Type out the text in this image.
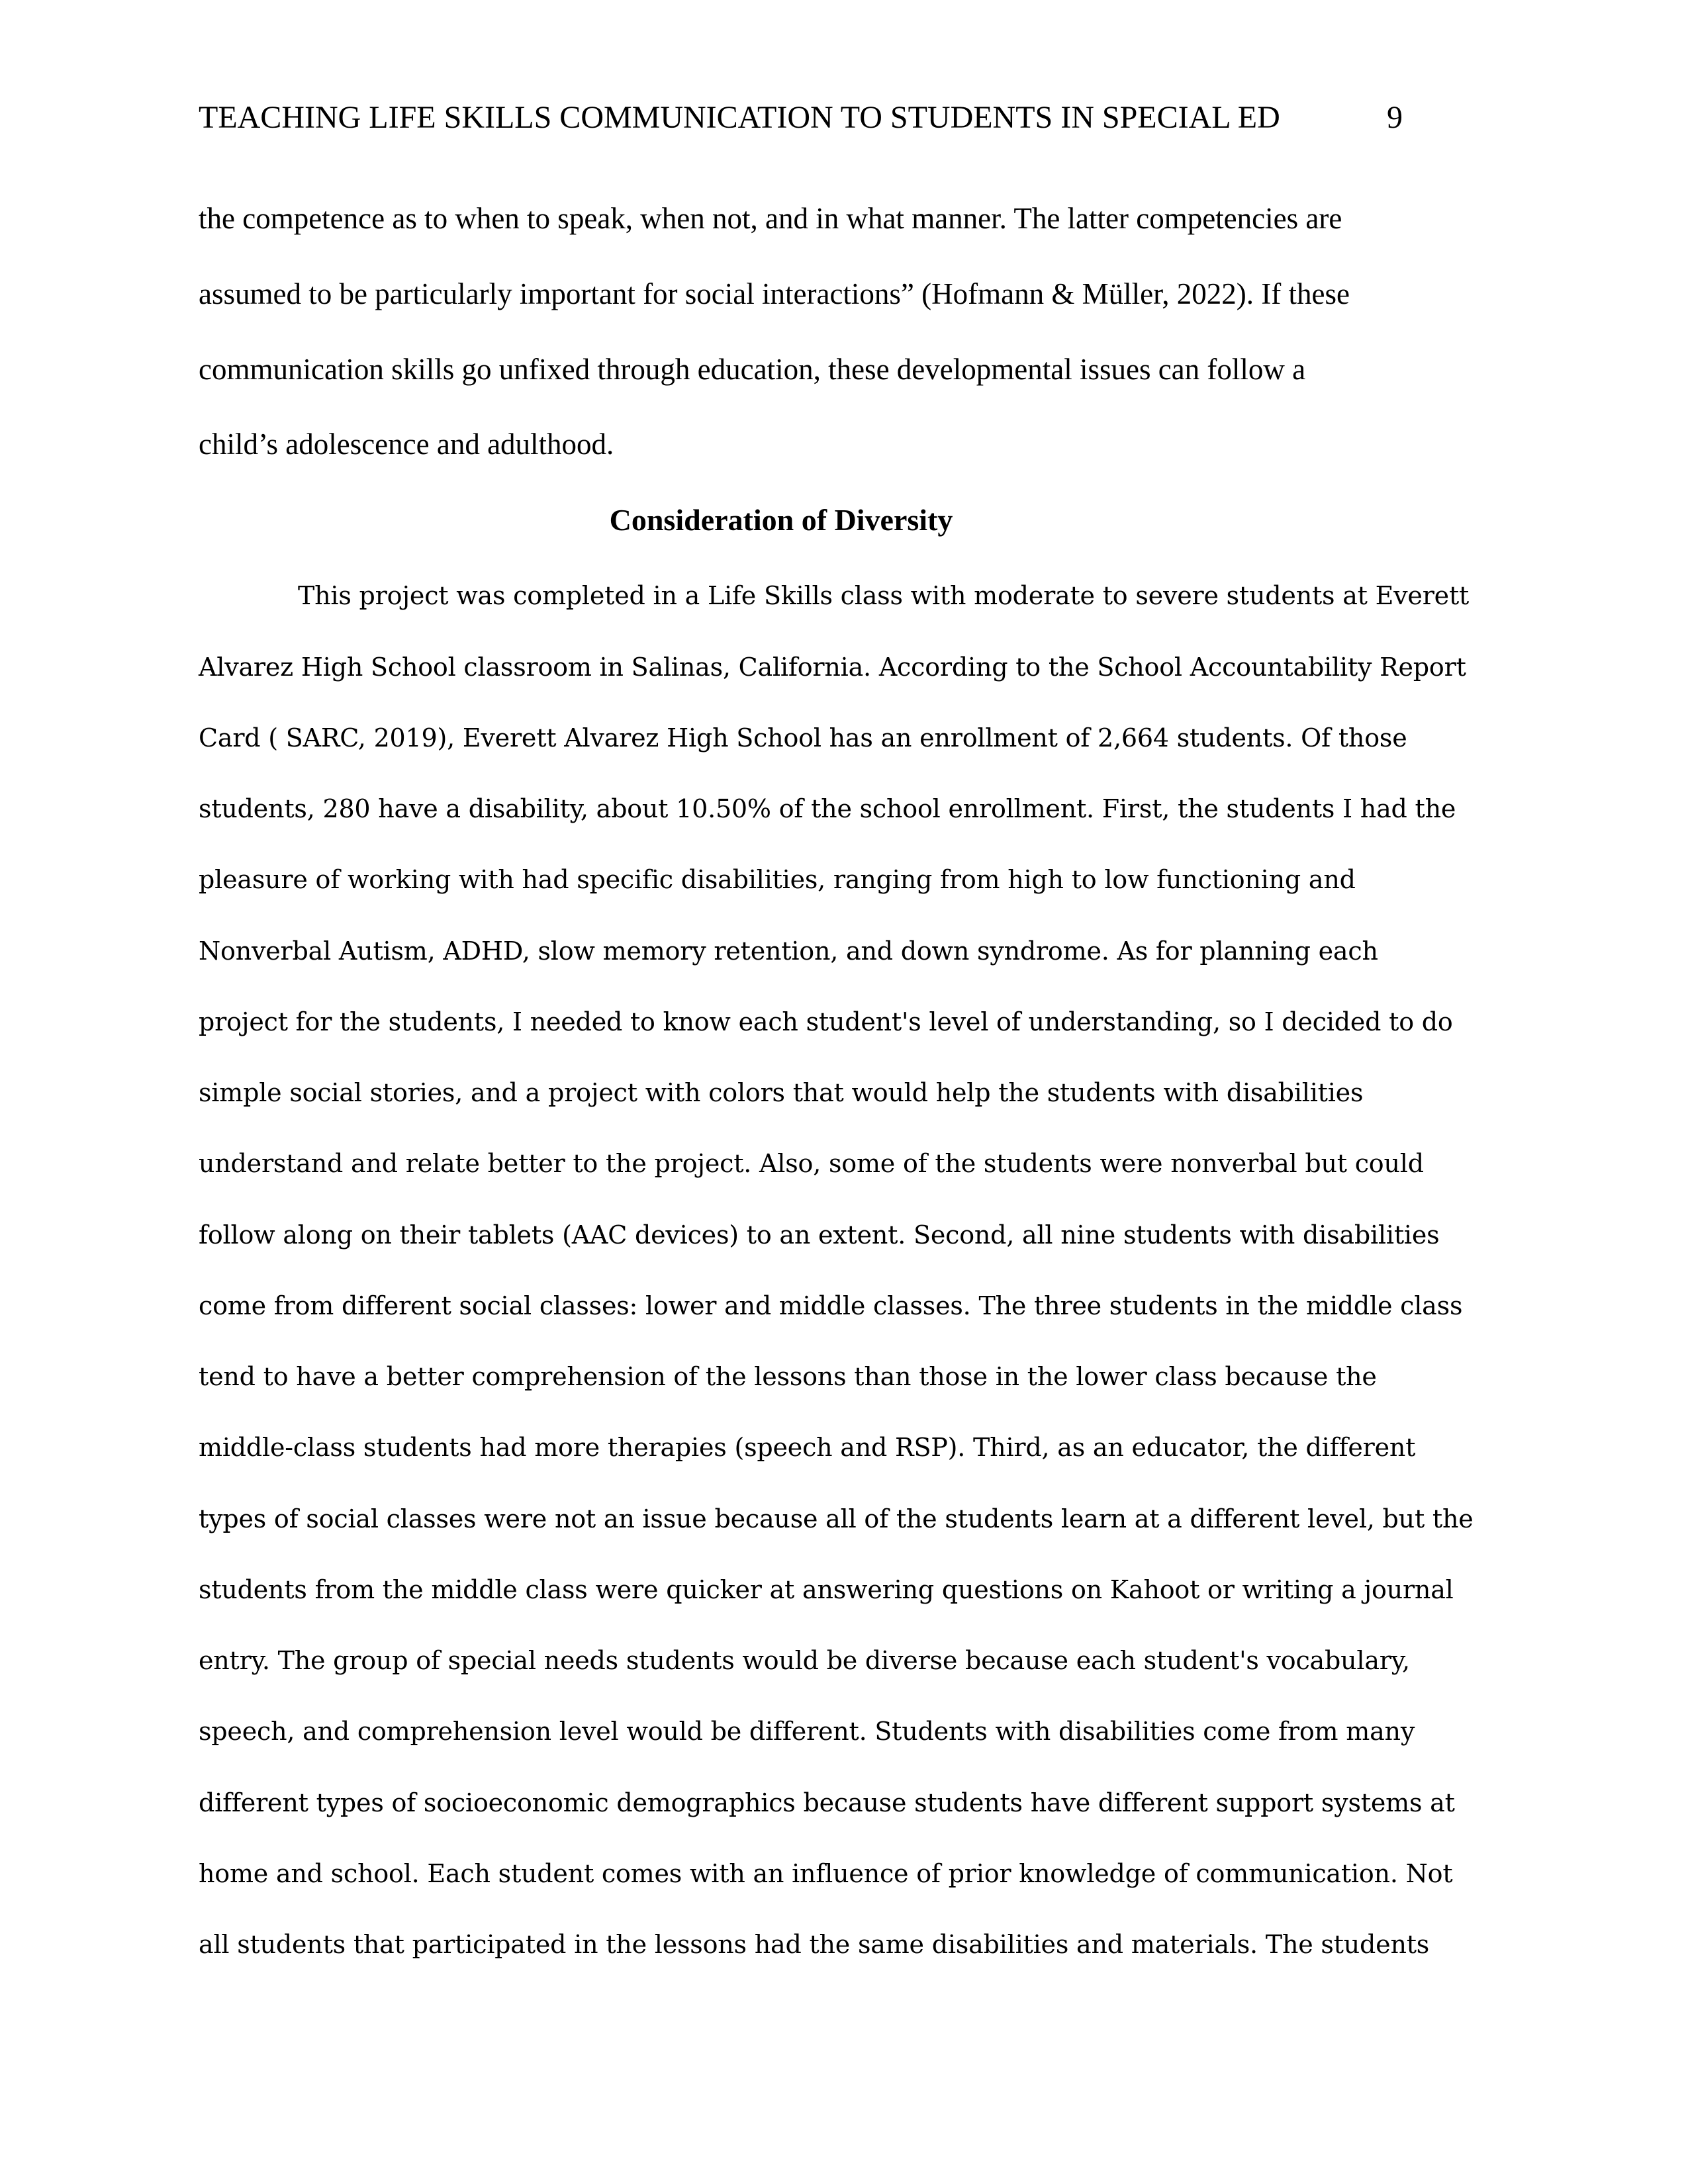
TEACHING LIFE SKILLS COMMUNICATION TO STUDENTS IN SPECIAL ED	9
the competence as to when to speak, when not, and in what manner. The latter competencies are
assumed to be particularly important for social interactions” (Hofmann & Müller, 2022). If these
communication skills go unfixed through education, these developmental issues can follow a
child’s adolescence and adulthood.
Consideration of Diversity
This project was completed in a Life Skills class with moderate to severe students at Everett
Alvarez High School classroom in Salinas, California. According to the School Accountability Report
Card ( SARC, 2019), Everett Alvarez High School has an enrollment of 2,664 students. Of those
students, 280 have a disability, about 10.50% of the school enrollment. First, the students I had the
pleasure of working with had specific disabilities, ranging from high to low functioning and
Nonverbal Autism, ADHD, slow memory retention, and down syndrome. As for planning each
project for the students, I needed to know each student's level of understanding, so I decided to do
simple social stories, and a project with colors that would help the students with disabilities
understand and relate better to the project. Also, some of the students were nonverbal but could
follow along on their tablets (AAC devices) to an extent. Second, all nine students with disabilities
come from different social classes: lower and middle classes. The three students in the middle class
tend to have a better comprehension of the lessons than those in the lower class because the
middle-class students had more therapies (speech and RSP). Third, as an educator, the different
types of social classes were not an issue because all of the students learn at a different level, but the
students from the middle class were quicker at answering questions on Kahoot or writing a journal
entry. The group of special needs students would be diverse because each student's vocabulary,
speech, and comprehension level would be different. Students with disabilities come from many
different types of socioeconomic demographics because students have different support systems at
home and school. Each student comes with an influence of prior knowledge of communication. Not
all students that participated in the lessons had the same disabilities and materials. The students
